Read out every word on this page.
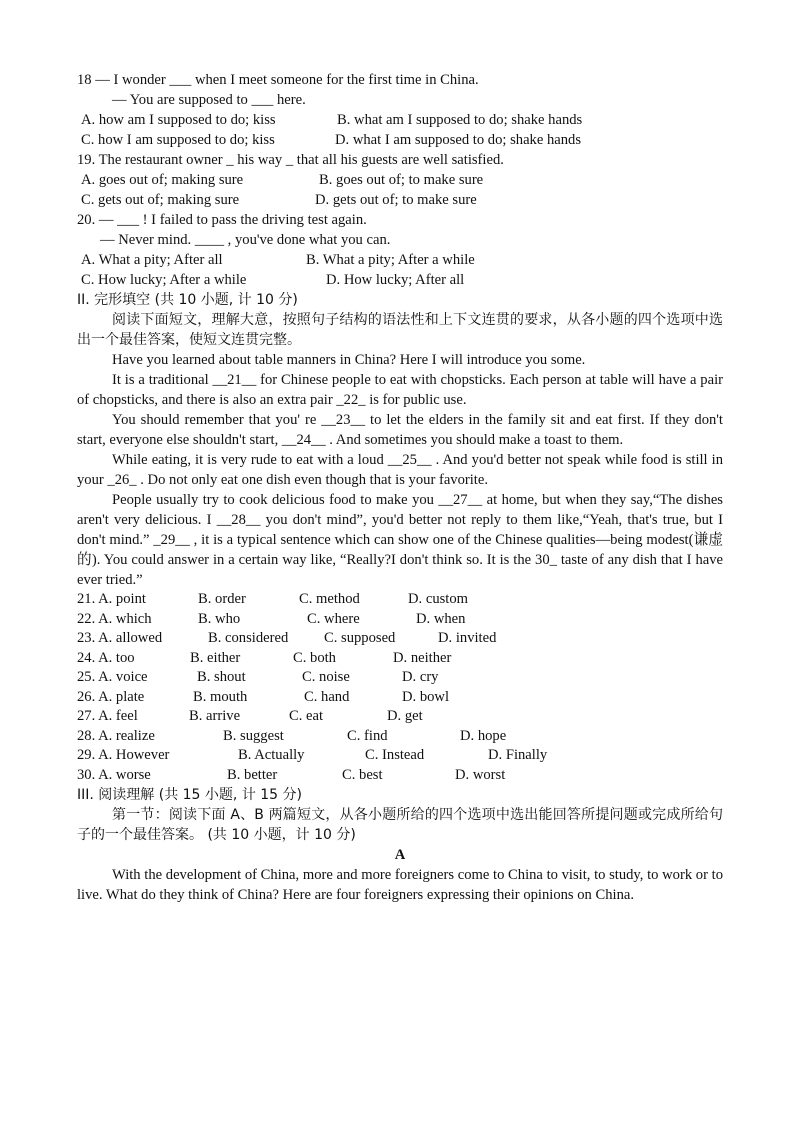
18 — I wonder ___ when I meet someone for the first time in China.
— You are supposed to ___ here.

A. how am I supposed to do; kiss

	B. what am I supposed to do; shake hands

C. how I am supposed to do; kiss

	D. what I am supposed to do; shake hands

19. The restaurant owner _ his way _ that all his guests are well satisfied.

A. goes out of; making sure

	B. goes out of; to make sure

C. gets out of; making sure

	D. gets out of; to make sure

20. — ___ ! I failed to pass the driving test again.
— Never mind. ____ , you've done what you can.

A. What a pity; After all

	B. What a pity; After a while

C. How lucky; After a while

	D. How lucky; After all

II. 完形填空 (共 10 小题, 计 10 分)
阅读下面短文，理解大意，按照句子结构的语法性和上下文连贯的要求，从各小题的四个选项中选出一个最佳答案，使短文连贯完整。
Have you learned about table manners in China? Here I will introduce you some.
It is a traditional __21__ for Chinese people to eat with chopsticks. Each person at table will have a pair of chopsticks, and there is also an extra pair _22_ is for public use.
You should remember that you' re __23__ to let the elders in the family sit and eat first. If they don't start, everyone else shouldn't start, __24__ . And sometimes you should make a toast to them.
While eating, it is very rude to eat with a loud __25__ . And you'd better not speak while food is still in your _26_ . Do not only eat one dish even though that is your favorite.
People usually try to cook delicious food to make you __27__ at home, but when they say,“The dishes aren't very delicious. I __28__ you don't mind”, you'd better not reply to them like,“Yeah, that's true, but I don't mind.” _29__ , it is a typical sentence which can show one of the Chinese qualities—being modest(谦虚的). You could answer in a certain way like, “Really?I don't think so. It is the 30_ taste of any dish that I have ever tried.”

21. A. point

	B. order

	C. method

	D. custom

22. A. which

	B. who

	C. where

	D. when

23. A. allowed

	B. considered

C. supposed

	D. invited

24. A. too

	B. either

	C. both

	D. neither

25. A. voice

	B. shout

	C. noise

	D. cry

26. A. plate

	B. mouth

	C. hand

	D. bowl

27. A. feel

	B. arrive

	C. eat

	D. get

28. A. realize

	B. suggest

	C. find

	D. hope

29. A. However

	B. Actually

	C. Instead

	D. Finally

30. A. worse

	B. better

	C. best

	D. worst

III. 阅读理解 (共 15 小题, 计 15 分)
第一节：阅读下面 A、B 两篇短文，从各小题所给的四个选项中选出能回答所提问题或完成所给句子的一个最佳答案。 (共 10 小题，计 10 分)
A
With the development of China, more and more foreigners come to China to visit, to study, to work or to live. What do they think of China? Here are four foreigners expressing their opinions on China.
